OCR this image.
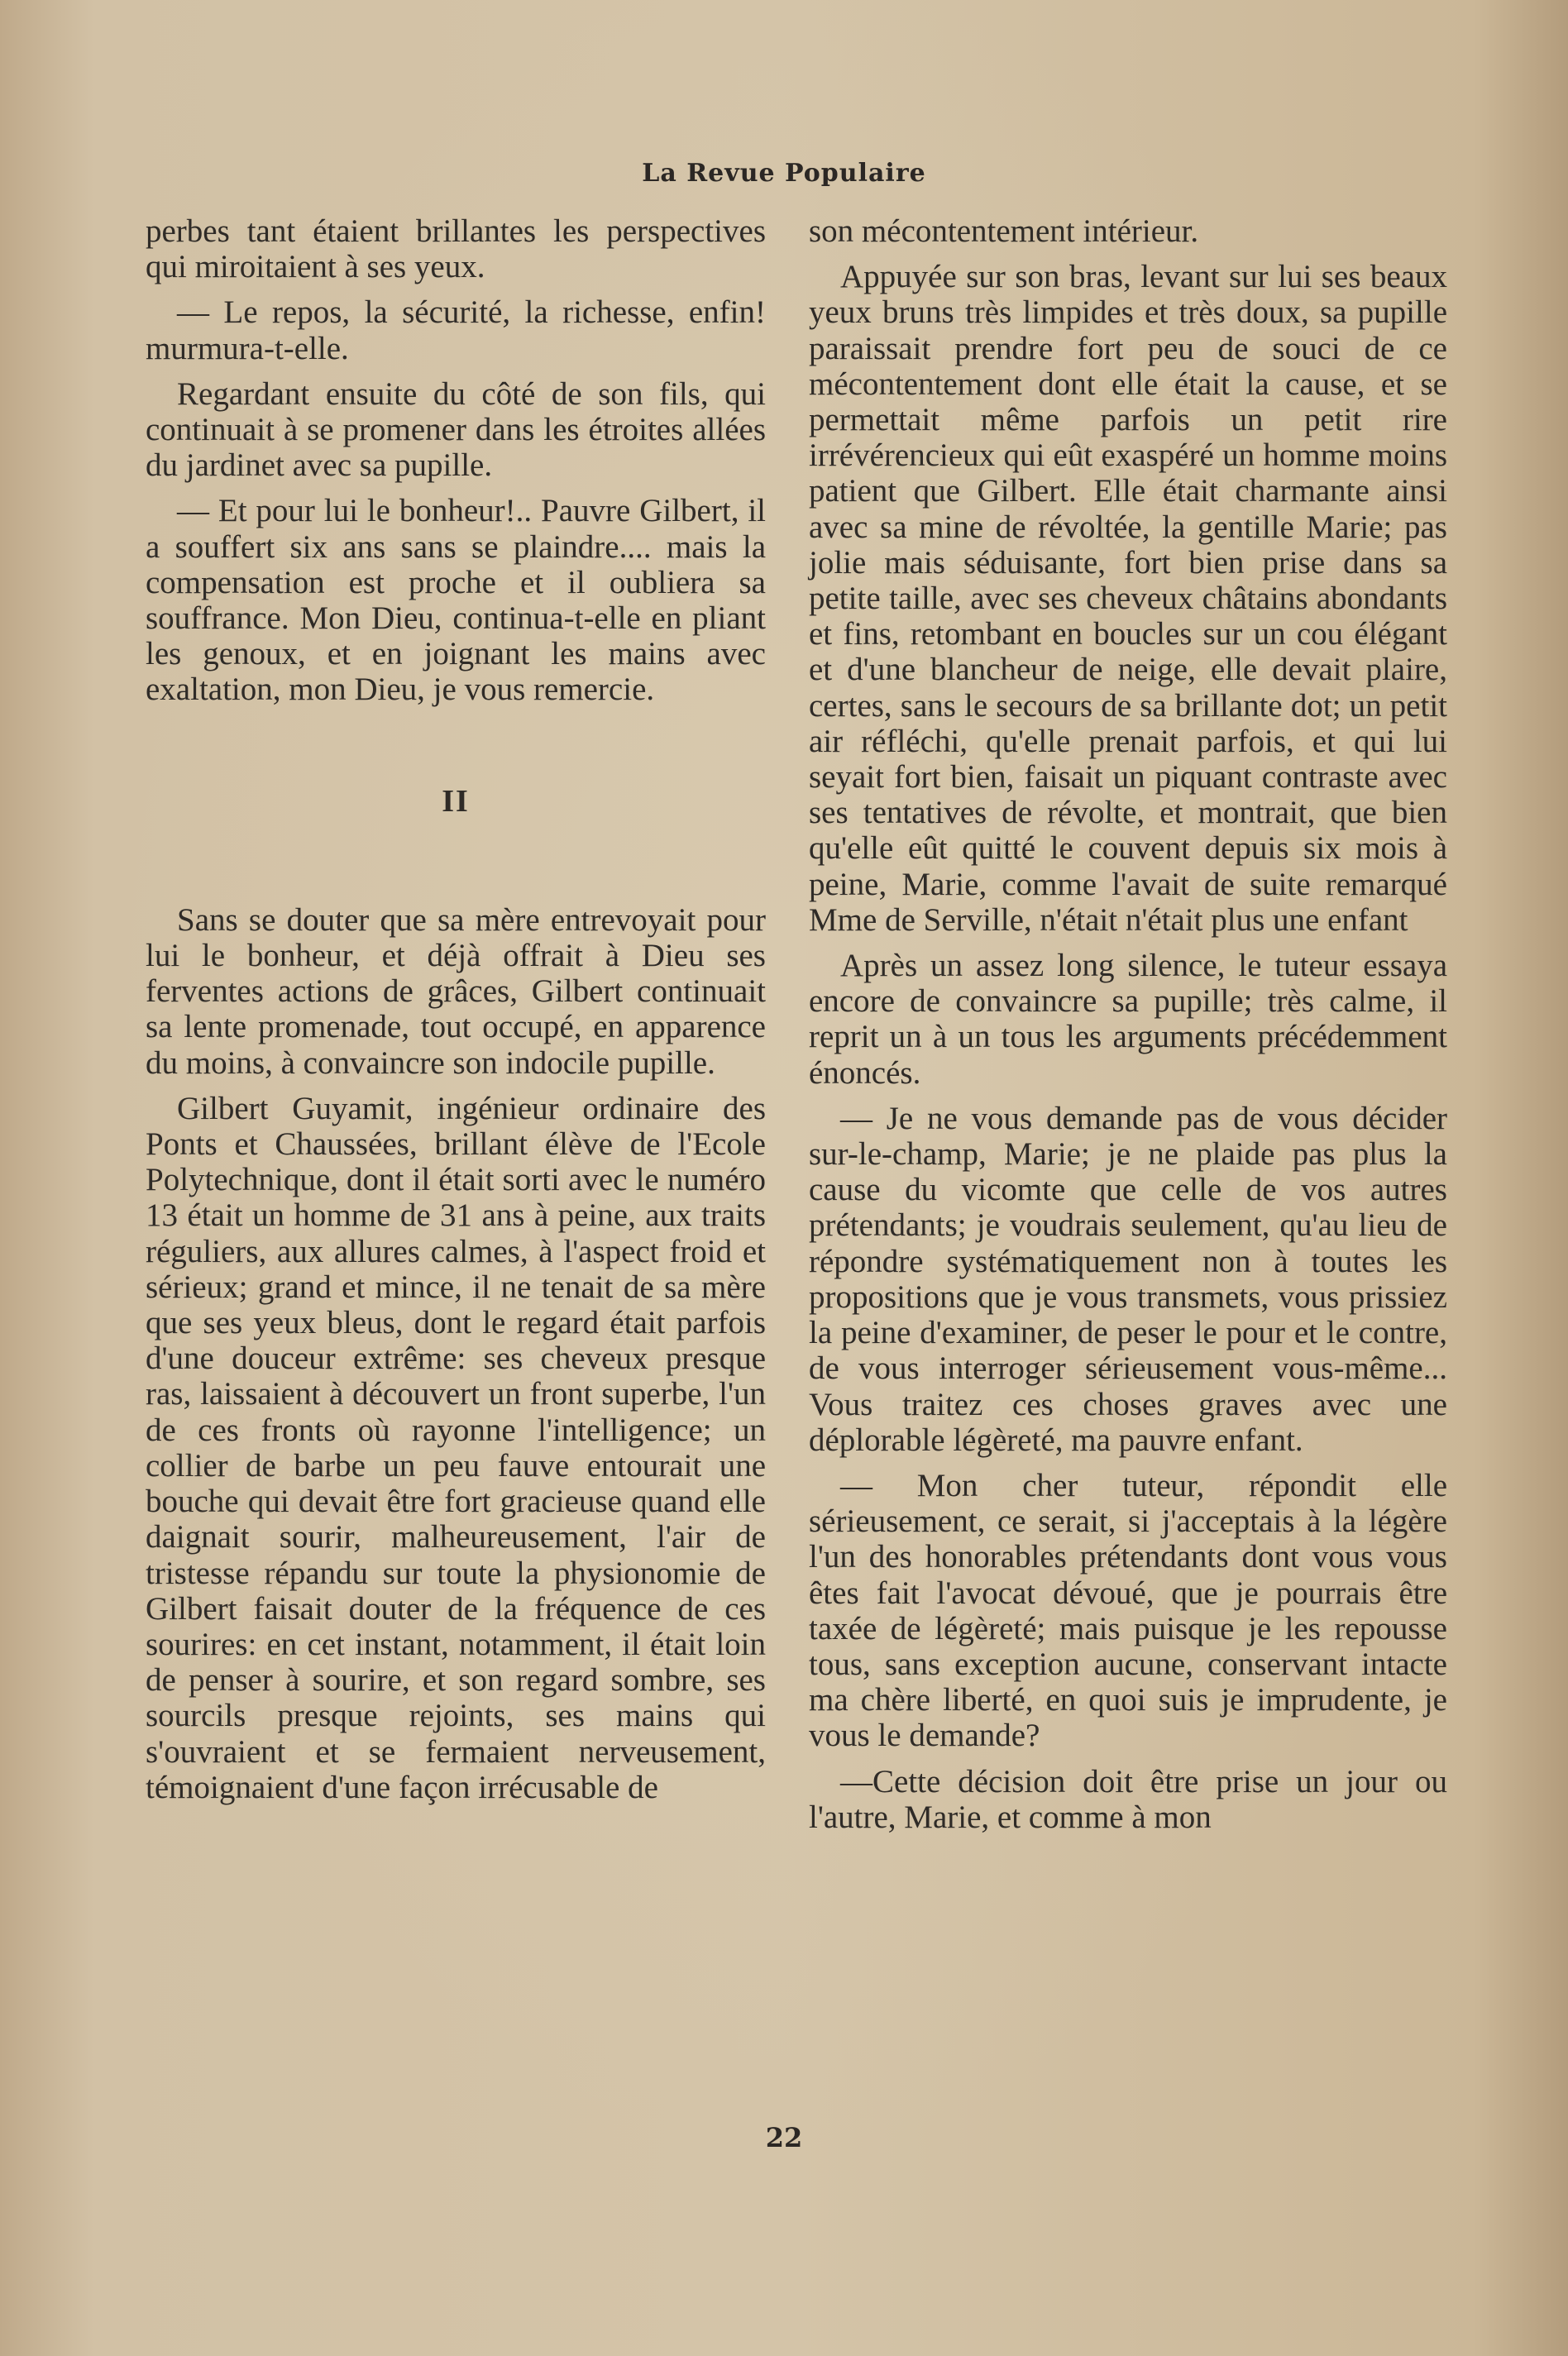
La Revue Populaire

perbes tant étaient brillantes les perspectives qui miroitaient à ses yeux.

— Le repos, la sécurité, la richesse, enfin! murmura-t-elle.

Regardant ensuite du côté de son fils, qui continuait à se promener dans les étroites allées du jardinet avec sa pupille.

— Et pour lui le bonheur!.. Pauvre Gilbert, il a souffert six ans sans se plaindre.... mais la compensation est proche et il oubliera sa souffrance. Mon Dieu, continua-t-elle en pliant les genoux, et en joignant les mains avec exaltation, mon Dieu, je vous remercie.

II

Sans se douter que sa mère entrevoyait pour lui le bonheur, et déjà offrait à Dieu ses ferventes actions de grâces, Gilbert continuait sa lente promenade, tout occupé, en apparence du moins, à convaincre son indocile pupille.

Gilbert Guyamit, ingénieur ordinaire des Ponts et Chaussées, brillant élève de l'Ecole Polytechnique, dont il était sorti avec le numéro 13 était un homme de 31 ans à peine, aux traits réguliers, aux allures calmes, à l'aspect froid et sérieux; grand et mince, il ne tenait de sa mère que ses yeux bleus, dont le regard était parfois d'une douceur extrême: ses cheveux presque ras, laissaient à découvert un front superbe, l'un de ces fronts où rayonne l'intelligence; un collier de barbe un peu fauve entourait une bouche qui devait être fort gracieuse quand elle daignait sourir, malheureusement, l'air de tristesse répandu sur toute la physionomie de Gilbert faisait douter de la fréquence de ces sourires: en cet instant, notamment, il était loin de penser à sourire, et son regard sombre, ses sourcils presque rejoints, ses mains qui s'ouvraient et se fermaient nerveusement, témoignaient d'une façon irrécusable de

son mécontentement intérieur.

Appuyée sur son bras, levant sur lui ses beaux yeux bruns très limpides et très doux, sa pupille paraissait prendre fort peu de souci de ce mécontentement dont elle était la cause, et se permettait même parfois un petit rire irrévérencieux qui eût exaspéré un homme moins patient que Gilbert. Elle était charmante ainsi avec sa mine de révoltée, la gentille Marie; pas jolie mais séduisante, fort bien prise dans sa petite taille, avec ses cheveux châtains abondants et fins, retombant en boucles sur un cou élégant et d'une blancheur de neige, elle devait plaire, certes, sans le secours de sa brillante dot; un petit air réfléchi, qu'elle prenait parfois, et qui lui seyait fort bien, faisait un piquant contraste avec ses tentatives de révolte, et montrait, que bien qu'elle eût quitté le couvent depuis six mois à peine, Marie, comme l'avait de suite remarqué Mme de Serville, n'était n'était plus une enfant

Après un assez long silence, le tuteur essaya encore de convaincre sa pupille; très calme, il reprit un à un tous les arguments précédemment énoncés.

— Je ne vous demande pas de vous décider sur-le-champ, Marie; je ne plaide pas plus la cause du vicomte que celle de vos autres prétendants; je voudrais seulement, qu'au lieu de répondre systématiquement non à toutes les propositions que je vous transmets, vous prissiez la peine d'examiner, de peser le pour et le contre, de vous interroger sérieusement vous-même... Vous traitez ces choses graves avec une déplorable légèreté, ma pauvre enfant.

— Mon cher tuteur, répondit elle sérieusement, ce serait, si j'acceptais à la légère l'un des honorables prétendants dont vous vous êtes fait l'avocat dévoué, que je pourrais être taxée de légèreté; mais puisque je les repousse tous, sans exception aucune, conservant intacte ma chère liberté, en quoi suis je imprudente, je vous le demande?

—Cette décision doit être prise un jour ou l'autre, Marie, et comme à mon

22
